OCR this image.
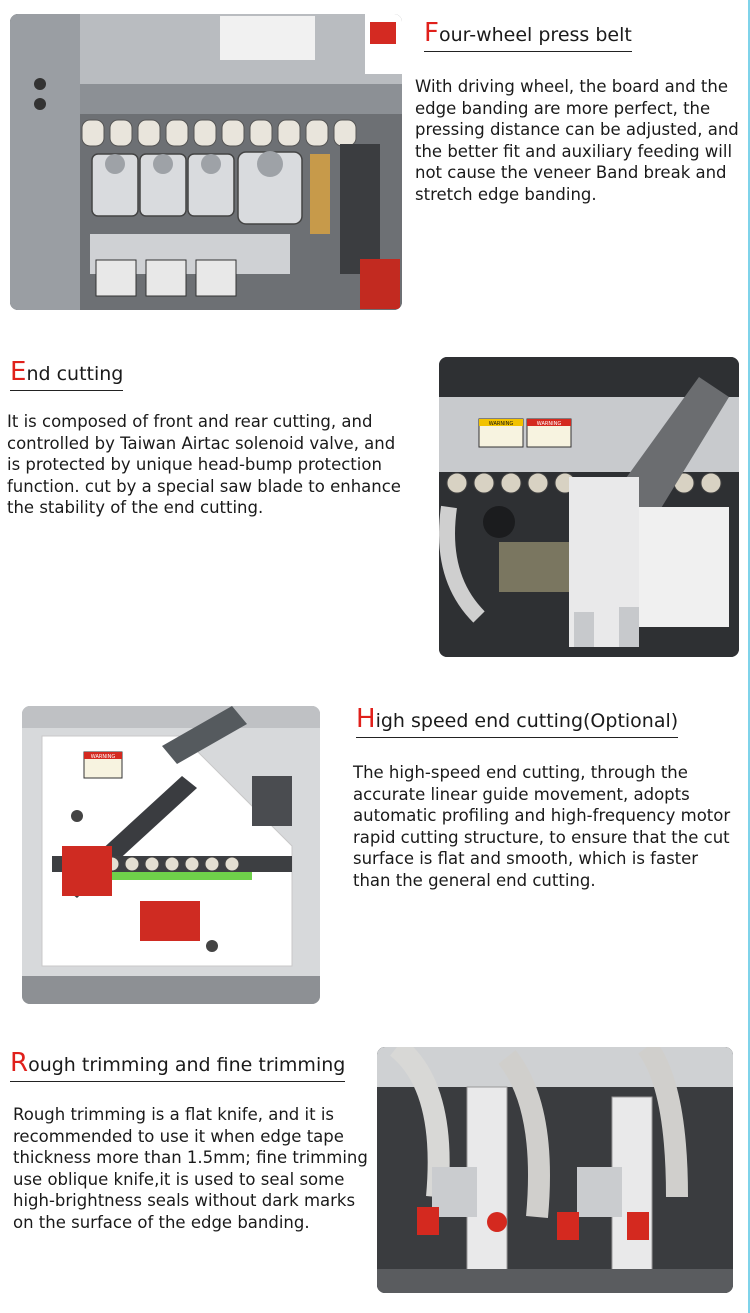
Four-wheel press belt

With driving wheel, the board and the edge banding are more perfect, the pressing distance can be adjusted, and the better fit and auxiliary feeding will not cause the veneer Band break and stretch edge banding.

End cutting

It is composed of front and rear cutting, and controlled by Taiwan Airtac solenoid valve, and is protected by unique head-bump protection function. cut by a special saw blade to enhance the stability of the end cutting.

WARNING	WARNING
WARNING
High speed end cutting(Optional)

The high-speed end cutting, through the accurate linear guide movement, adopts automatic profiling and high-frequency motor rapid cutting structure, to ensure that the cut surface is flat and smooth, which is faster than the general end cutting.

Rough trimming and fine trimming

Rough trimming is a flat knife, and it is recommended to use it when edge tape thickness more than 1.5mm; fine trimming use oblique knife,it is used to seal some high-brightness seals without dark marks on the surface of the edge banding.
